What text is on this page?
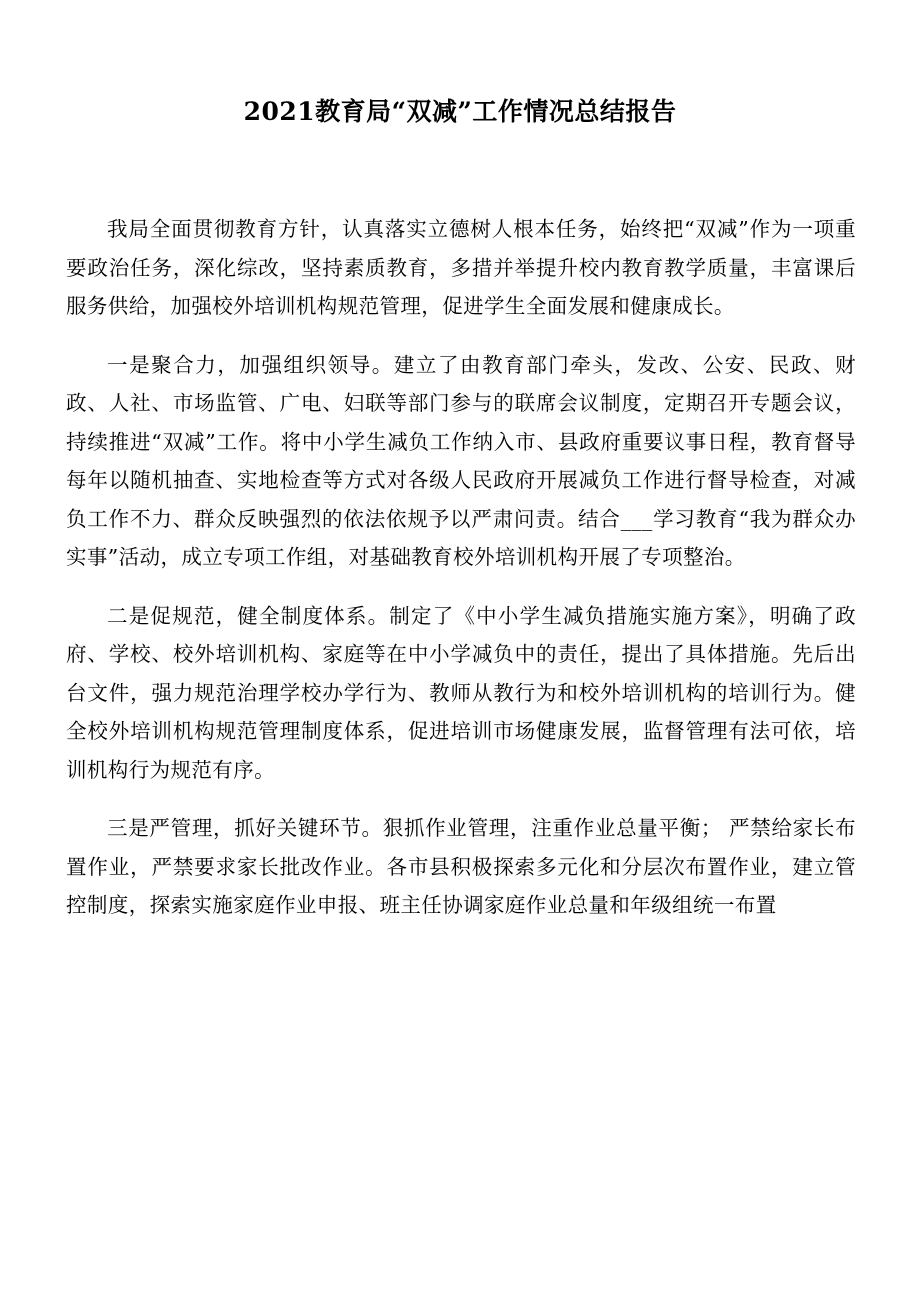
2021教育局“双减”工作情况总结报告

我局全面贯彻教育方针，认真落实立德树人根本任务，始终把“双减”作为一项重要政治任务，深化综改，坚持素质教育，多措并举提升校内教育教学质量，丰富课后服务供给，加强校外培训机构规范管理，促进学生全面发展和健康成长。

一是聚合力，加强组织领导。建立了由教育部门牵头，发改、公安、民政、财政、人社、市场监管、广电、妇联等部门参与的联席会议制度，定期召开专题会议，持续推进“双减”工作。将中小学生减负工作纳入市、县政府重要议事日程，教育督导每年以随机抽查、实地检查等方式对各级人民政府开展减负工作进行督导检查，对减负工作不力、群众反映强烈的依法依规予以严肃问责。结合___学习教育“我为群众办实事”活动，成立专项工作组，对基础教育校外培训机构开展了专项整治。

二是促规范，健全制度体系。制定了《中小学生减负措施实施方案》，明确了政府、学校、校外培训机构、家庭等在中小学减负中的责任，提出了具体措施。先后出台文件，强力规范治理学校办学行为、教师从教行为和校外培训机构的培训行为。健全校外培训机构规范管理制度体系，促进培训市场健康发展，监督管理有法可依，培训机构行为规范有序。

三是严管理，抓好关键环节。狠抓作业管理，注重作业总量平衡； 严禁给家长布置作业，严禁要求家长批改作业。各市县积极探索多元化和分层次布置作业，建立管控制度，探索实施家庭作业申报、班主任协调家庭作业总量和年级组统一布置
